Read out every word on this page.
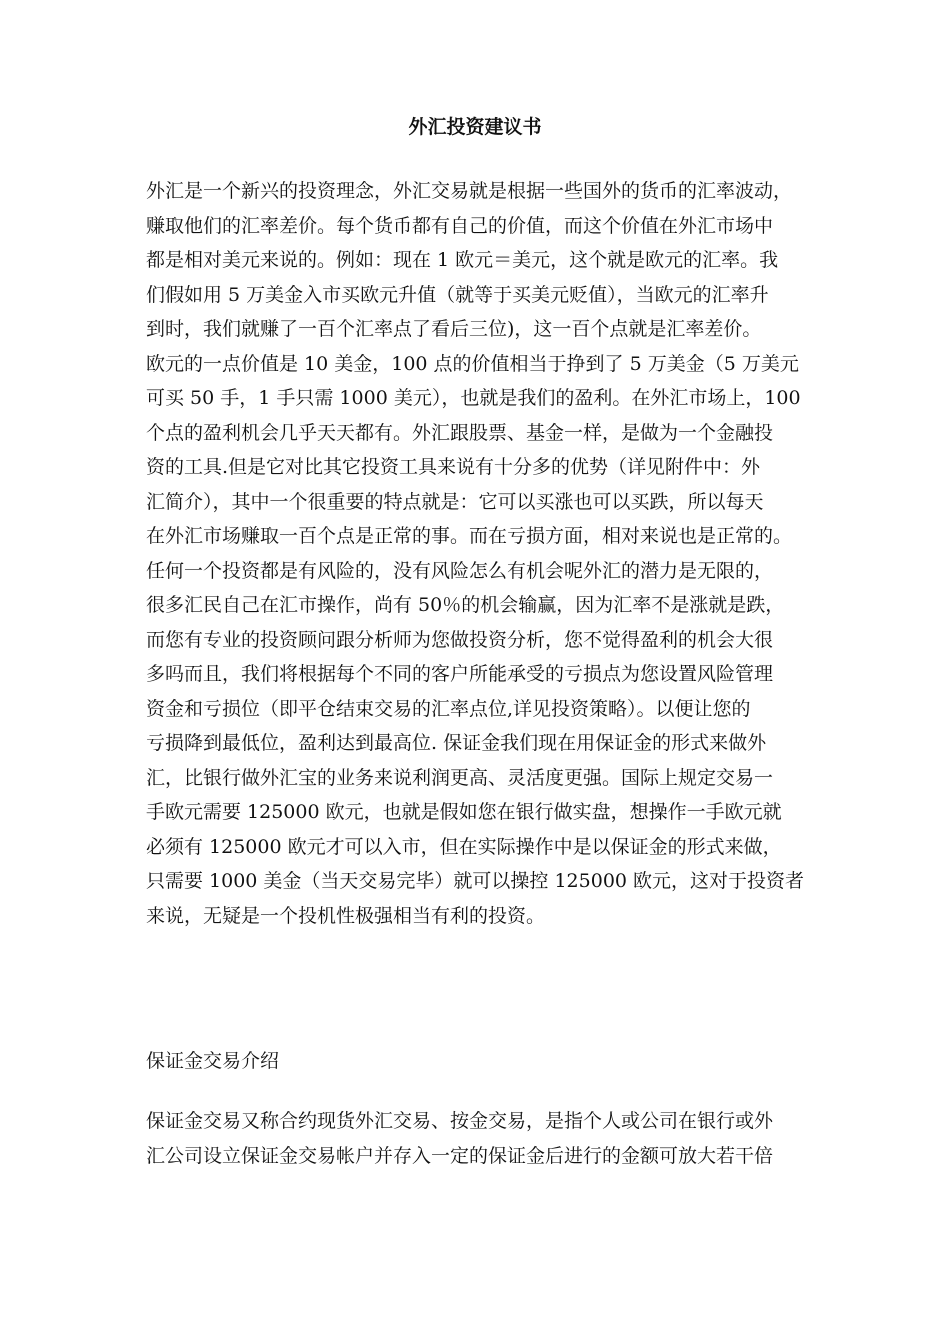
外汇投资建议书
外汇是一个新兴的投资理念，外汇交易就是根据一些国外的货币的汇率波动，
赚取他们的汇率差价。每个货币都有自己的价值，而这个价值在外汇市场中
都是相对美元来说的。例如：现在 1 欧元＝美元，这个就是欧元的汇率。我
们假如用 5 万美金入市买欧元升值（就等于买美元贬值），当欧元的汇率升
到时，我们就赚了一百个汇率点了看后三位)，这一百个点就是汇率差价。
欧元的一点价值是 10 美金，100 点的价值相当于挣到了 5 万美金（5 万美元
可买 50 手，1 手只需 1000 美元），也就是我们的盈利。在外汇市场上，100
个点的盈利机会几乎天天都有。外汇跟股票、基金一样，是做为一个金融投
资的工具.但是它对比其它投资工具来说有十分多的优势（详见附件中：外
汇简介），其中一个很重要的特点就是：它可以买涨也可以买跌，所以每天
在外汇市场赚取一百个点是正常的事。而在亏损方面，相对来说也是正常的。
任何一个投资都是有风险的，没有风险怎么有机会呢外汇的潜力是无限的，
很多汇民自己在汇市操作，尚有 50％的机会输赢，因为汇率不是涨就是跌，
而您有专业的投资顾问跟分析师为您做投资分析，您不觉得盈利的机会大很
多吗而且，我们将根据每个不同的客户所能承受的亏损点为您设置风险管理
资金和亏损位（即平仓结束交易的汇率点位,详见投资策略）。以便让您的
亏损降到最低位，盈利达到最高位. 保证金我们现在用保证金的形式来做外
汇，比银行做外汇宝的业务来说利润更高、灵活度更强。国际上规定交易一
手欧元需要 125000 欧元，也就是假如您在银行做实盘，想操作一手欧元就
必须有 125000 欧元才可以入市，但在实际操作中是以保证金的形式来做，
只需要 1000 美金（当天交易完毕）就可以操控 125000 欧元，这对于投资者
来说，无疑是一个投机性极强相当有利的投资。
保证金交易介绍
保证金交易又称合约现货外汇交易、按金交易，是指个人或公司在银行或外
汇公司设立保证金交易帐户并存入一定的保证金后进行的金额可放大若干倍
